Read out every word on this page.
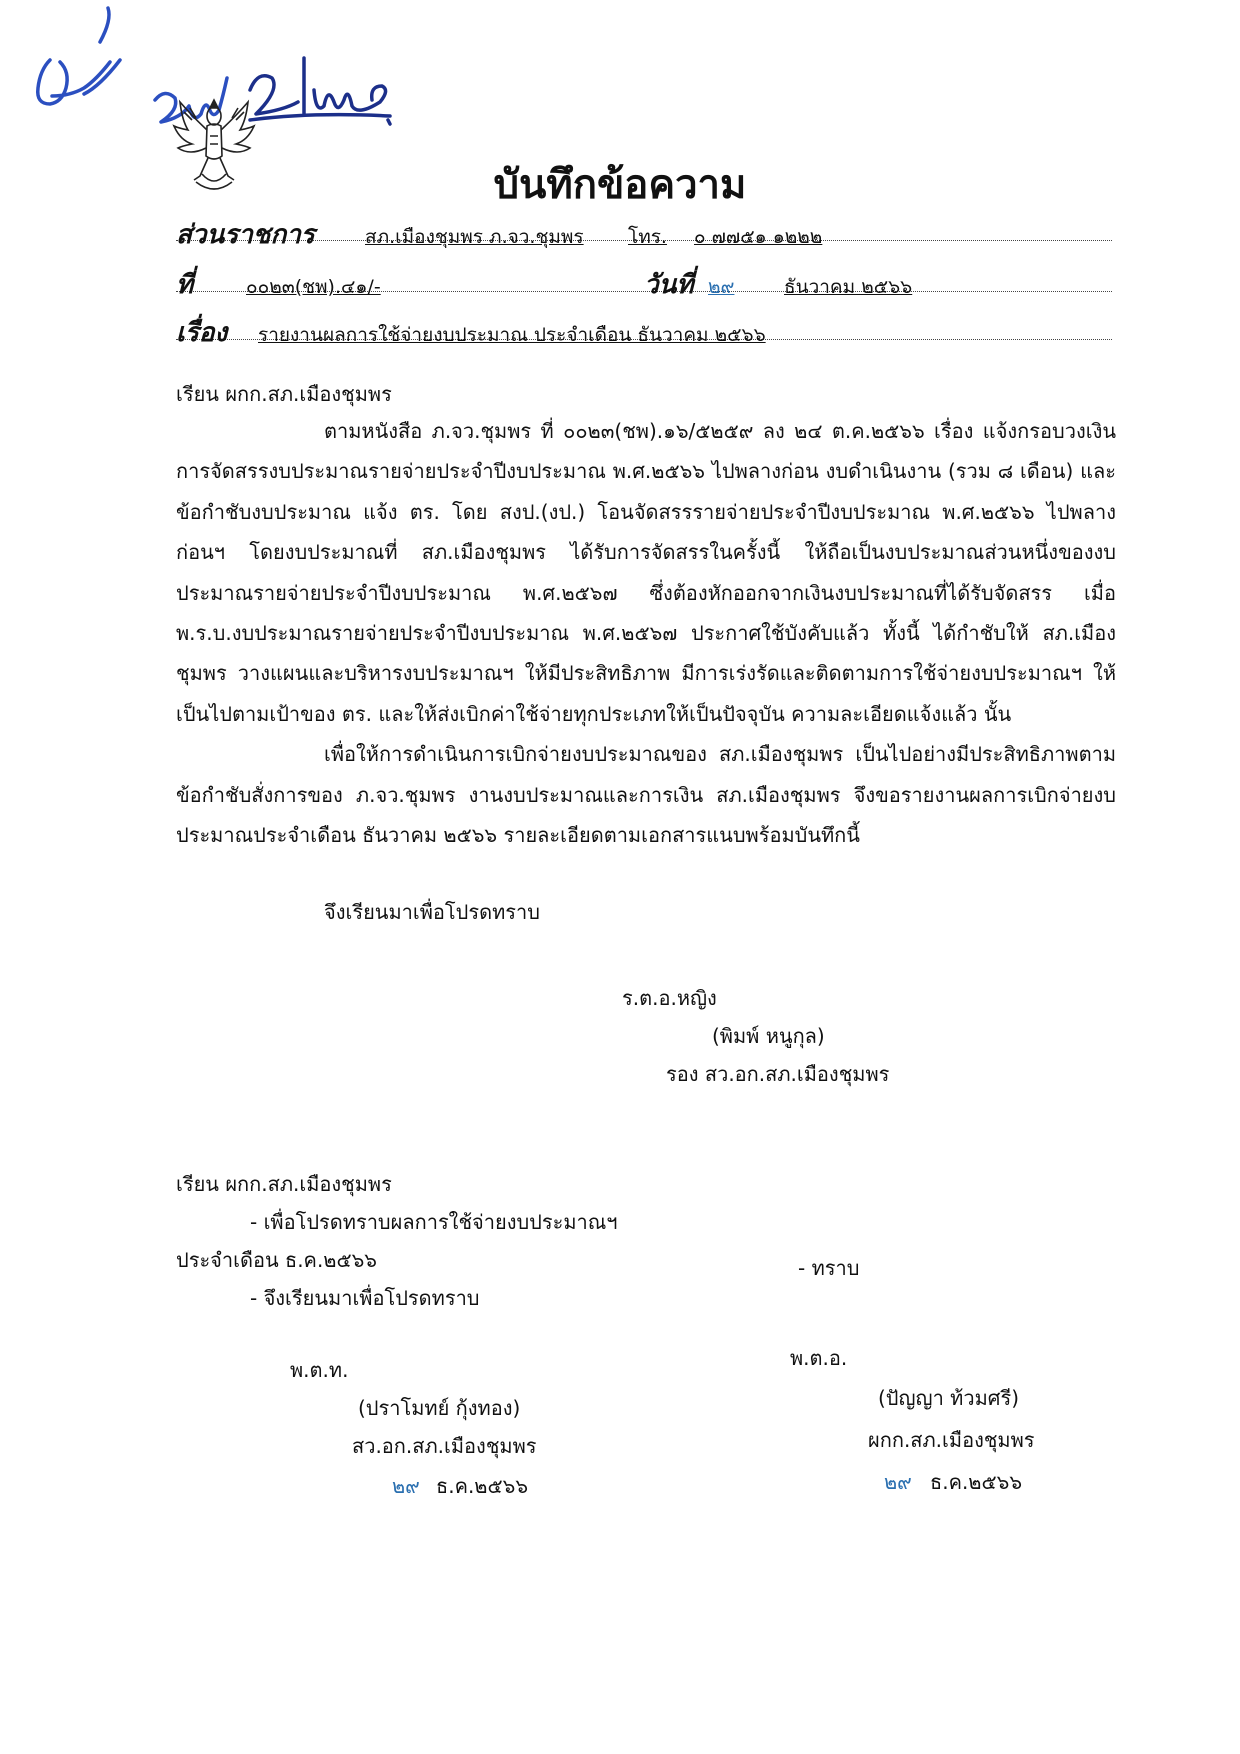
บันทึกข้อความ
ส่วนราชการ	สภ.เมืองชุมพร ภ.จว.ชุมพร โทร. ๐ ๗๗๕๑ ๑๒๒๒
ที่	๐๐๒๓(ชพ).๔๑/-	วันที่ ๒๙	ธันวาคม ๒๕๖๖
เรื่อง รายงานผลการใช้จ่ายงบประมาณ ประจำเดือน ธันวาคม ๒๕๖๖
เรียน ผกก.สภ.เมืองชุมพร

ตามหนังสือ ภ.จว.ชุมพร ที่ ๐๐๒๓(ชพ).๑๖/๕๒๕๙ ลง ๒๔ ต.ค.๒๕๖๖ เรื่อง แจ้งกรอบวงเงินการจัดสรรงบประมาณรายจ่ายประจำปีงบประมาณ พ.ศ.๒๕๖๖ ไปพลางก่อน งบดำเนินงาน (รวม ๘ เดือน) และข้อกำชับงบประมาณ แจ้ง ตร. โดย สงป.(งป.) โอนจัดสรรรายจ่ายประจำปีงบประมาณ พ.ศ.๒๕๖๖ ไปพลางก่อนฯ โดยงบประมาณที่ สภ.เมืองชุมพร ได้รับการจัดสรรในครั้งนี้ ให้ถือเป็นงบประมาณส่วนหนึ่งของงบประมาณรายจ่ายประจำปีงบประมาณ พ.ศ.๒๕๖๗ ซึ่งต้องหักออกจากเงินงบประมาณที่ได้รับจัดสรร เมื่อ พ.ร.บ.งบประมาณรายจ่ายประจำปีงบประมาณ พ.ศ.๒๕๖๗ ประกาศใช้บังคับแล้ว ทั้งนี้ ได้กำชับให้ สภ.เมืองชุมพร วางแผนและบริหารงบประมาณฯ ให้มีประสิทธิภาพ มีการเร่งรัดและติดตามการใช้จ่ายงบประมาณฯ ให้เป็นไปตามเป้าของ ตร. และให้ส่งเบิกค่าใช้จ่ายทุกประเภทให้เป็นปัจจุบัน ความละเอียดแจ้งแล้ว นั้น

เพื่อให้การดำเนินการเบิกจ่ายงบประมาณของ สภ.เมืองชุมพร เป็นไปอย่างมีประสิทธิภาพตามข้อกำชับสั่งการของ ภ.จว.ชุมพร งานงบประมาณและการเงิน สภ.เมืองชุมพร จึงขอรายงานผลการเบิกจ่ายงบประมาณประจำเดือน ธันวาคม ๒๕๖๖ รายละเอียดตามเอกสารแนบพร้อมบันทึกนี้

จึงเรียนมาเพื่อโปรดทราบ

ร.ต.อ.หญิง
(พิมพ์ หนูกุล)
รอง สว.อก.สภ.เมืองชุมพร
เรียน ผกก.สภ.เมืองชุมพร
- เพื่อโปรดทราบผลการใช้จ่ายงบประมาณฯ
ประจำเดือน ธ.ค.๒๕๖๖
- จึงเรียนมาเพื่อโปรดทราบ

พ.ต.ท.
(ปราโมทย์ กุ้งทอง)
สว.อก.สภ.เมืองชุมพร
๒๙ ธ.ค.๒๕๖๖
- ทราบ
พ.ต.อ.
(ปัญญา ท้วมศรี)
ผกก.สภ.เมืองชุมพร
๒๙ ธ.ค.๒๕๖๖
